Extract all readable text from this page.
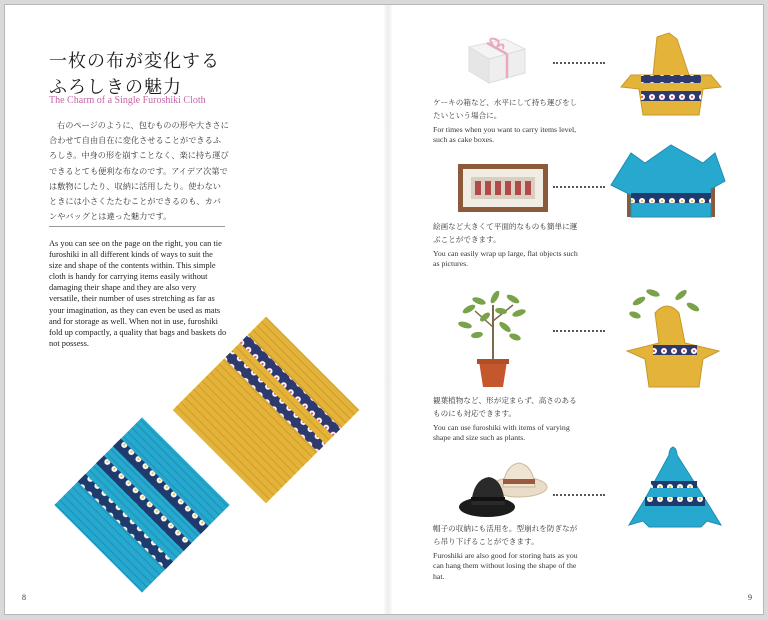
一枚の布が変化する
ふろしきの魅力
The Charm of a Single Furoshiki Cloth
右のページのように、包むものの形や大きさに合わせて自由自在に変化させることができるふろしき。中身の形を崩すことなく、楽に持ち運びできるとても便利な布なのです。アイデア次第では敷物にしたり、収納に活用したり。使わないときには小さくたたむことができるのも、カバンやバッグとは違った魅力です。
As you can see on the page on the right, you can tie furoshiki in all different kinds of ways to suit the size and shape of the contents within. This simple cloth is handy for carrying items easily without damaging their shape and they are also very versatile, their number of uses stretching as far as your imagination, as they can even be used as mats and for storage as well. When not in use, furoshiki fold up compactly, a quality that bags and baskets do not possess.
8
ケーキの箱など、水平にして持ち運びをしたいという場合に。
For times when you want to carry items level, such as cake boxes.
絵画など大きくて平面的なものも簡単に運ぶことができます。
You can easily wrap up large, flat objects such as pictures.
観葉植物など、形が定まらず、高さのあるものにも対応できます。
You can use furoshiki with items of varying shape and size such as plants.
帽子の収納にも活用を。型崩れを防ぎながら吊り下げることができます。
Furoshiki are also good for storing hats as you can hang them without losing the shape of the hat.
9
